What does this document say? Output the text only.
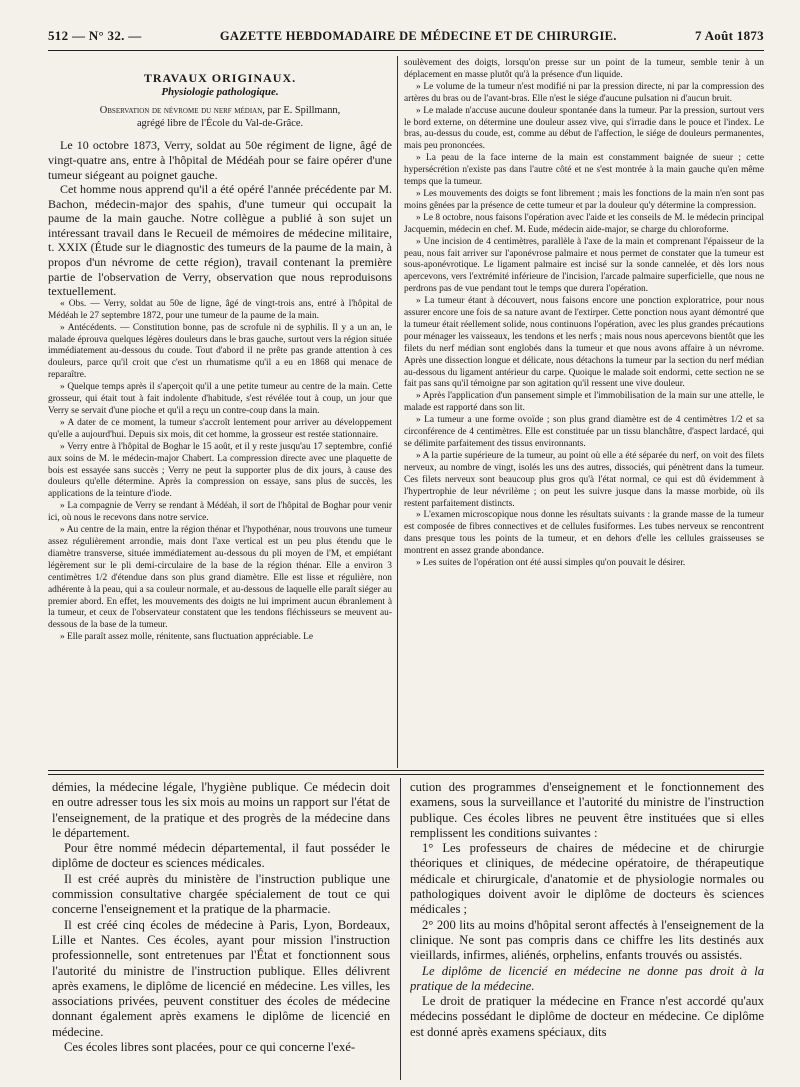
512 — N° 32. —	GAZETTE HEBDOMADAIRE DE MÉDECINE ET DE CHIRURGIE.	7 Août 1873
TRAVAUX ORIGINAUX.
Physiologie pathologique.
Observation de névrome du nerf médian, par E. Spillmann,
agrégé libre de l'École du Val-de-Grâce.

Le 10 octobre 1873, Verry, soldat au 50e régiment de ligne, âgé de vingt-quatre ans, entre à l'hôpital de Médéah pour se faire opérer d'une tumeur siégeant au poignet gauche.

Cet homme nous apprend qu'il a été opéré l'année précédente par M. Bachon, médecin-major des spahis, d'une tumeur qui occupait la paume de la main gauche. Notre collègue a publié à son sujet un intéressant travail dans le Recueil de mémoires de médecine militaire, t. XXIX (Étude sur le diagnostic des tumeurs de la paume de la main, à propos d'un névrome de cette région), travail contenant la première partie de l'observation de Verry, observation que nous reproduisons textuellement.

« Obs. — Verry, soldat au 50e de ligne, âgé de vingt-trois ans, entré à l'hôpital de Médéah le 27 septembre 1872, pour une tumeur de la paume de la main.

» Antécédents. — Constitution bonne, pas de scrofule ni de syphilis. Il y a un an, le malade éprouva quelques légères douleurs dans le bras gauche, surtout vers la région située immédiatement au-dessous du coude. Tout d'abord il ne prête pas grande attention à ces douleurs, parce qu'il croit que c'est un rhumatisme qu'il a eu en 1868 qui menace de reparaître.

» Quelque temps après il s'aperçoit qu'il a une petite tumeur au centre de la main. Cette grosseur, qui était tout à fait indolente d'habitude, s'est révélée tout à coup, un jour que Verry se servait d'une pioche et qu'il a reçu un contre-coup dans la main.

» A dater de ce moment, la tumeur s'accroît lentement pour arriver au développement qu'elle a aujourd'hui. Depuis six mois, dit cet homme, la grosseur est restée stationnaire.

» Verry entre à l'hôpital de Boghar le 15 août, et il y reste jusqu'au 17 septembre, confié aux soins de M. le médecin-major Chabert. La compression directe avec une plaquette de bois est essayée sans succès ; Verry ne peut la supporter plus de dix jours, à cause des douleurs qu'elle détermine. Après la compression on essaye, sans plus de succès, les applications de la teinture d'iode.

» La compagnie de Verry se rendant à Médéah, il sort de l'hôpital de Boghar pour venir ici, où nous le recevons dans notre service.

» Au centre de la main, entre la région thénar et l'hypothénar, nous trouvons une tumeur assez régulièrement arrondie, mais dont l'axe vertical est un peu plus étendu que le diamètre transverse, située immédiatement au-dessous du pli moyen de l'M, et empiétant légèrement sur le pli demi-circulaire de la base de la région thénar. Elle a environ 3 centimètres 1/2 d'étendue dans son plus grand diamètre. Elle est lisse et régulière, non adhérente à la peau, qui a sa couleur normale, et au-dessous de laquelle elle paraît siéger au premier abord. En effet, les mouvements des doigts ne lui impriment aucun ébranlement à la tumeur, et ceux de l'observateur constatent que les tendons fléchisseurs se meuvent au-dessous de la base de la tumeur.

» Elle paraît assez molle, rénitente, sans fluctuation appréciable. Le

soulèvement des doigts, lorsqu'on presse sur un point de la tumeur, semble tenir à un déplacement en masse plutôt qu'à la présence d'un liquide.

» Le volume de la tumeur n'est modifié ni par la pression directe, ni par la compression des artères du bras ou de l'avant-bras. Elle n'est le siége d'aucune pulsation ni d'aucun bruit.

» Le malade n'accuse aucune douleur spontanée dans la tumeur. Par la pression, surtout vers le bord externe, on détermine une douleur assez vive, qui s'irradie dans le pouce et l'index. Le bras, au-dessus du coude, est, comme au début de l'affection, le siége de douleurs permanentes, mais peu prononcées.

» La peau de la face interne de la main est constamment baignée de sueur ; cette hypersécrétion n'existe pas dans l'autre côté et ne s'est montrée à la main gauche qu'en même temps que la tumeur.

» Les mouvements des doigts se font librement ; mais les fonctions de la main n'en sont pas moins gênées par la présence de cette tumeur et par la douleur qu'y détermine la compression.

» Le 8 octobre, nous faisons l'opération avec l'aide et les conseils de M. le médecin principal Jacquemin, médecin en chef. M. Eude, médecin aide-major, se charge du chloroforme.

» Une incision de 4 centimètres, parallèle à l'axe de la main et comprenant l'épaisseur de la peau, nous fait arriver sur l'aponévrose palmaire et nous permet de constater que la tumeur est sous-aponévrotique. Le ligament palmaire est incisé sur la sonde cannelée, et dès lors nous apercevons, vers l'extrémité inférieure de l'incision, l'arcade palmaire superficielle, que nous ne perdrons pas de vue pendant tout le temps que durera l'opération.

» La tumeur étant à découvert, nous faisons encore une ponction exploratrice, pour nous assurer encore une fois de sa nature avant de l'extirper. Cette ponction nous ayant démontré que la tumeur était réellement solide, nous continuons l'opération, avec les plus grandes précautions pour ménager les vaisseaux, les tendons et les nerfs ; mais nous nous apercevons bientôt que les filets du nerf médian sont englobés dans la tumeur et que nous avons affaire à un névrome. Après une dissection longue et délicate, nous détachons la tumeur par la section du nerf médian au-dessous du ligament antérieur du carpe. Quoique le malade soit endormi, cette section ne se fait pas sans qu'il témoigne par son agitation qu'il ressent une vive douleur.

» Après l'application d'un pansement simple et l'immobilisation de la main sur une attelle, le malade est rapporté dans son lit.

» La tumeur a une forme ovoïde ; son plus grand diamètre est de 4 centimètres 1/2 et sa circonférence de 4 centimètres. Elle est constituée par un tissu blanchâtre, d'aspect lardacé, qui se délimite parfaitement des tissus environnants.

» A la partie supérieure de la tumeur, au point où elle a été séparée du nerf, on voit des filets nerveux, au nombre de vingt, isolés les uns des autres, dissociés, qui pénètrent dans la tumeur. Ces filets nerveux sont beaucoup plus gros qu'à l'état normal, ce qui est dû évidemment à l'hypertrophie de leur névrilème ; on peut les suivre jusque dans la masse morbide, où ils restent parfaitement distincts.

» L'examen microscopique nous donne les résultats suivants : la grande masse de la tumeur est composée de fibres connectives et de cellules fusiformes. Les tubes nerveux se rencontrent dans presque tous les points de la tumeur, et en dehors d'elle les cellules graisseuses se montrent en assez grande abondance.

» Les suites de l'opération ont été aussi simples qu'on pouvait le désirer.

démies, la médecine légale, l'hygiène publique. Ce médecin doit en outre adresser tous les six mois au moins un rapport sur l'état de l'enseignement, de la pratique et des progrès de la médecine dans le département.

Pour être nommé médecin départemental, il faut posséder le diplôme de docteur es sciences médicales.

Il est créé auprès du ministère de l'instruction publique une commission consultative chargée spécialement de tout ce qui concerne l'enseignement et la pratique de la pharmacie.

Il est créé cinq écoles de médecine à Paris, Lyon, Bordeaux, Lille et Nantes. Ces écoles, ayant pour mission l'instruction professionnelle, sont entretenues par l'État et fonctionnent sous l'autorité du ministre de l'instruction publique. Elles délivrent après examens, le diplôme de licencié en médecine. Les villes, les associations privées, peuvent constituer des écoles de médecine donnant également après examens le diplôme de licencié en médecine.

Ces écoles libres sont placées, pour ce qui concerne l'exé-

cution des programmes d'enseignement et le fonctionnement des examens, sous la surveillance et l'autorité du ministre de l'instruction publique. Ces écoles libres ne peuvent être instituées que si elles remplissent les conditions suivantes :

1° Les professeurs de chaires de médecine et de chirurgie théoriques et cliniques, de médecine opératoire, de thérapeutique médicale et chirurgicale, d'anatomie et de physiologie normales ou pathologiques doivent avoir le diplôme de docteurs ès sciences médicales ;

2° 200 lits au moins d'hôpital seront affectés à l'enseignement de la clinique. Ne sont pas compris dans ce chiffre les lits destinés aux vieillards, infirmes, aliénés, orphelins, enfants trouvés ou assistés.

Le diplôme de licencié en médecine ne donne pas droit à la pratique de la médecine.

Le droit de pratiquer la médecine en France n'est accordé qu'aux médecins possédant le diplôme de docteur en médecine. Ce diplôme est donné après examens spéciaux, dits
